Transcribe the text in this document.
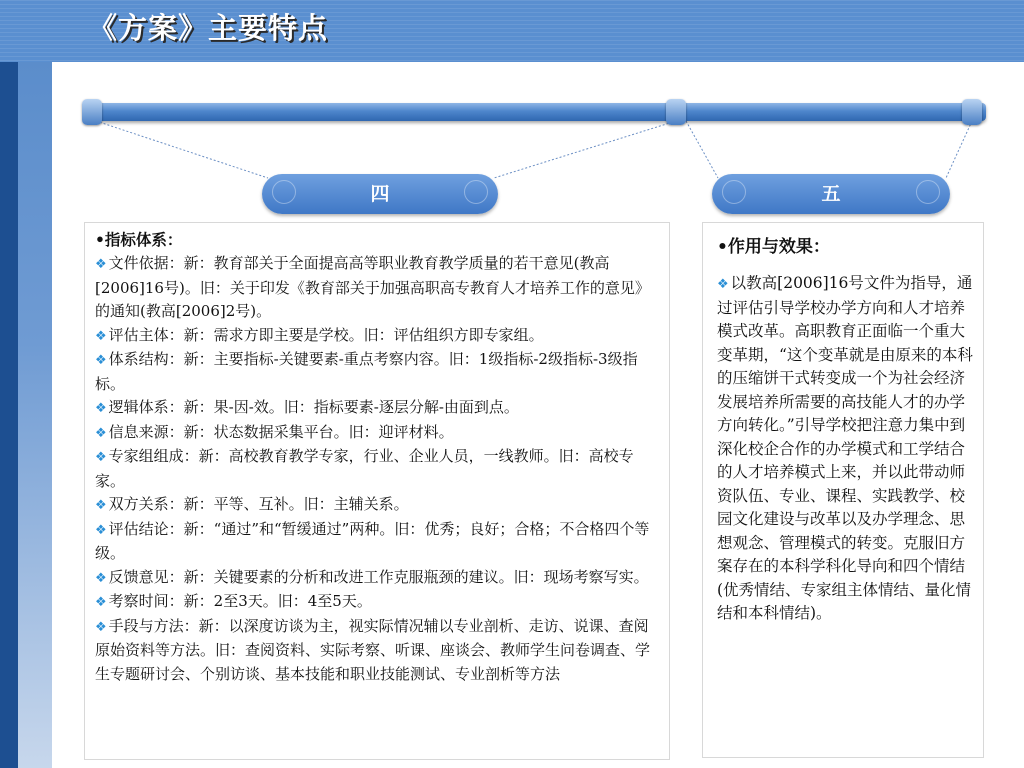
《方案》主要特点
四	五

•指标体系：

❖ 文件依据：新：教育部关于全面提高高等职业教育教学质量的若干意见(教高[2006]16号)。旧：关于印发《教育部关于加强高职高专教育人才培养工作的意见》的通知(教高[2006]2号)。

❖ 评估主体：新：需求方即主要是学校。旧：评估组织方即专家组。

❖ 体系结构：新：主要指标-关键要素-重点考察内容。旧：1级指标-2级指标-3级指标。

❖ 逻辑体系：新：果-因-效。旧：指标要素-逐层分解-由面到点。

❖ 信息来源：新：状态数据采集平台。旧：迎评材料。

❖ 专家组组成：新：高校教育教学专家，行业、企业人员，一线教师。旧：高校专家。

❖ 双方关系：新：平等、互补。旧：主辅关系。

❖ 评估结论：新：“通过”和“暂缓通过”两种。旧：优秀；良好；合格；不合格四个等级。

❖ 反馈意见：新：关键要素的分析和改进工作克服瓶颈的建议。旧：现场考察写实。

❖ 考察时间：新：2至3天。旧：4至5天。

❖ 手段与方法：新：以深度访谈为主，视实际情况辅以专业剖析、走访、说课、查阅原始资料等方法。旧：查阅资料、实际考察、听课、座谈会、教师学生问卷调查、学生专题研讨会、个别访谈、基本技能和职业技能测试、专业剖析等方法

•作用与效果：

❖ 以教高[2006]16号文件为指导，通过评估引导学校办学方向和人才培养模式改革。高职教育正面临一个重大变革期，“这个变革就是由原来的本科的压缩饼干式转变成一个为社会经济发展培养所需要的高技能人才的办学方向转化。”引导学校把注意力集中到深化校企合作的办学模式和工学结合的人才培养模式上来，并以此带动师资队伍、专业、课程、实践教学、校园文化建设与改革以及办学理念、思想观念、管理模式的转变。克服旧方案存在的本科学科化导向和四个情结(优秀情结、专家组主体情结、量化情结和本科情结)。
